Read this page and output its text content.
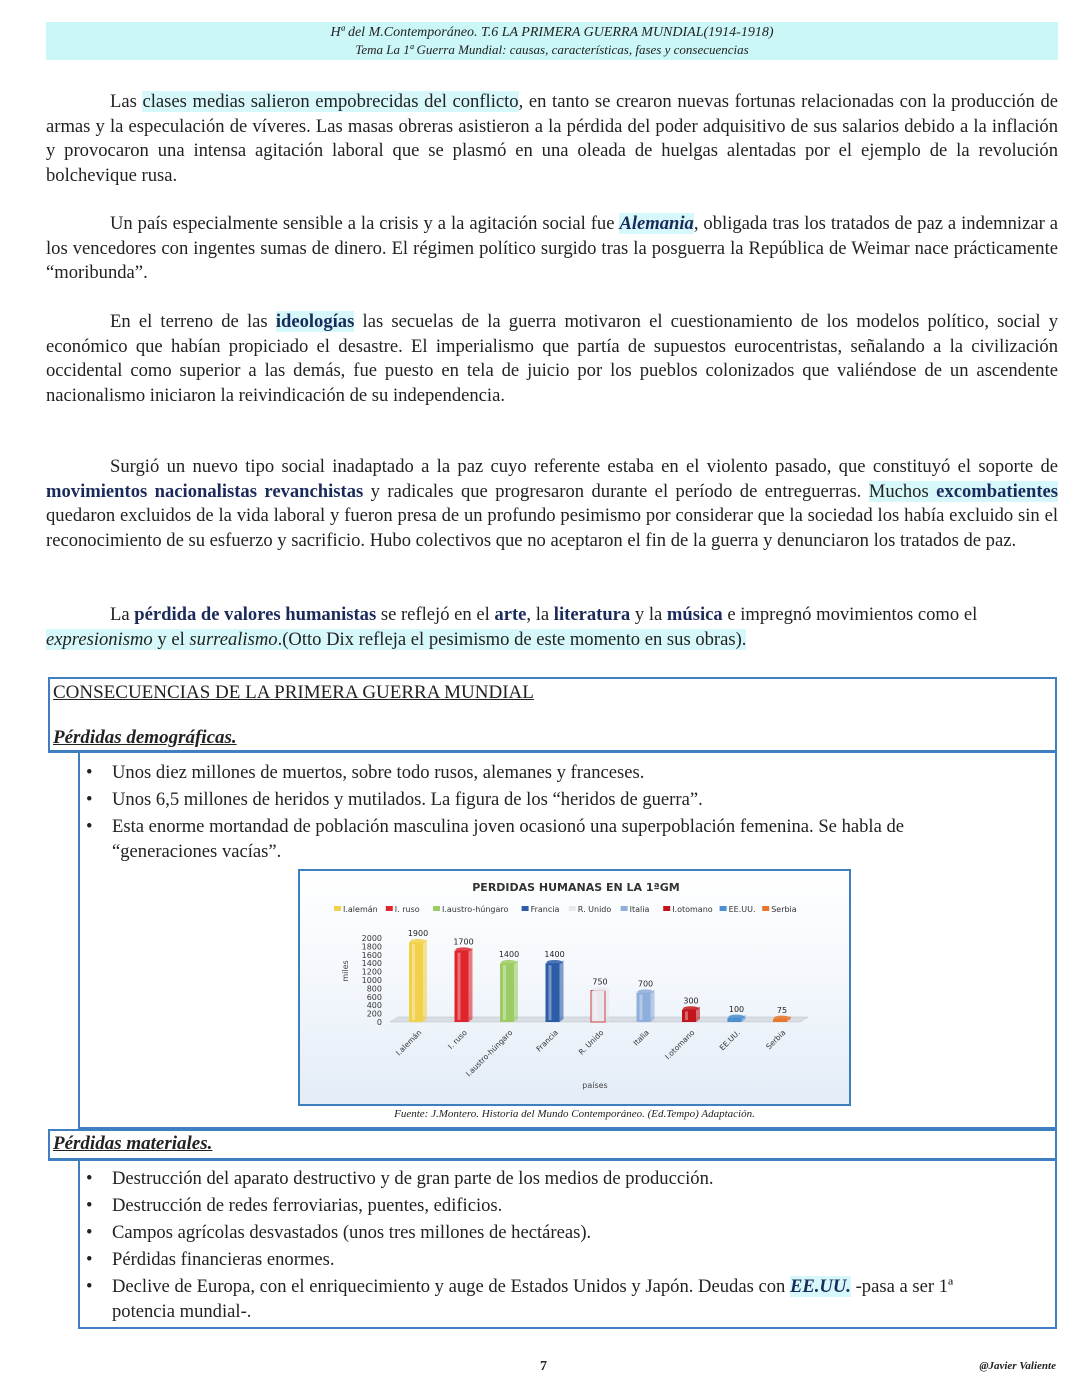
Hª del M.Contemporáneo. T.6 LA PRIMERA GUERRA MUNDIAL(1914-1918)
Tema La 1ª Guerra Mundial: causas, características, fases y consecuencias

Las clases medias salieron empobrecidas del conflicto, en tanto se crearon nuevas fortunas relacionadas con la producción de armas y la especulación de víveres. Las masas obreras asistieron a la pérdida del poder adquisitivo de sus salarios debido a la inflación y provocaron una intensa agitación laboral que se plasmó en una oleada de huelgas alentadas por el ejemplo de la revolución bolchevique rusa.

Un país especialmente sensible a la crisis y a la agitación social fue Alemania, obligada tras los tratados de paz a indemnizar a los vencedores con ingentes sumas de dinero. El régimen político surgido tras la posguerra la República de Weimar nace prácticamente “moribunda”.

En el terreno de las ideologías las secuelas de la guerra motivaron el cuestionamiento de los modelos político, social y económico que habían propiciado el desastre. El imperialismo que partía de supuestos eurocentristas, señalando a la civilización occidental como superior a las demás, fue puesto en tela de juicio por los pueblos colonizados que valiéndose de un ascendente nacionalismo iniciaron la reivindicación de su independencia.

Surgió un nuevo tipo social inadaptado a la paz cuyo referente estaba en el violento pasado, que constituyó el soporte de movimientos nacionalistas revanchistas y radicales que progresaron durante el período de entreguerras. Muchos excombatientes quedaron excluidos de la vida laboral y fueron presa de un profundo pesimismo por considerar que la sociedad los había excluido sin el reconocimiento de su esfuerzo y sacrificio. Hubo colectivos que no aceptaron el fin de la guerra y denunciaron los tratados de paz.

La pérdida de valores humanistas se reflejó en el arte, la literatura y la música e impregnó movimientos como el expresionismo y el surrealismo.(Otto Dix refleja el pesimismo de este momento en sus obras).

CONSECUENCIAS DE LA PRIMERA GUERRA MUNDIAL
Pérdidas demográficas.
• Unos diez millones de muertos, sobre todo rusos, alemanes y franceses.
• Unos 6,5 millones de heridos y mutilados. La figura de los “heridos de guerra”.
• Esta enorme mortandad de población masculina joven ocasionó una superpoblación femenina. Se habla de
“generaciones vacías”.
PERDIDAS HUMANAS EN LA 1ªGM
I.alemán I. ruso	I.austro-húngaro	Francia R. Unido Italia	I.otomano EE.UU. Serbia
2000
1800
1600
1400
1200
1000
800
600
400
200
0
miles
1900
1700
1400	1400
750	700
300
100	75
I.alemán	I. ruso
I.austro-húngaro	Francia R. Unido	Italia I.otomano	EE.UU.	Serbia
países
Fuente: J.Montero. Historia del Mundo Contemporáneo. (Ed.Tempo) Adaptación.
Pérdidas materiales.
• Destrucción del aparato destructivo y de gran parte de los medios de producción.
• Destrucción de redes ferroviarias, puentes, edificios.
• Campos agrícolas desvastados (unos tres millones de hectáreas).
• Pérdidas financieras enormes.
• Declive de Europa, con el enriquecimiento y auge de Estados Unidos y Japón. Deudas con EE.UU. -pasa a ser 1ª
potencia mundial-.
7	@Javier Valiente
